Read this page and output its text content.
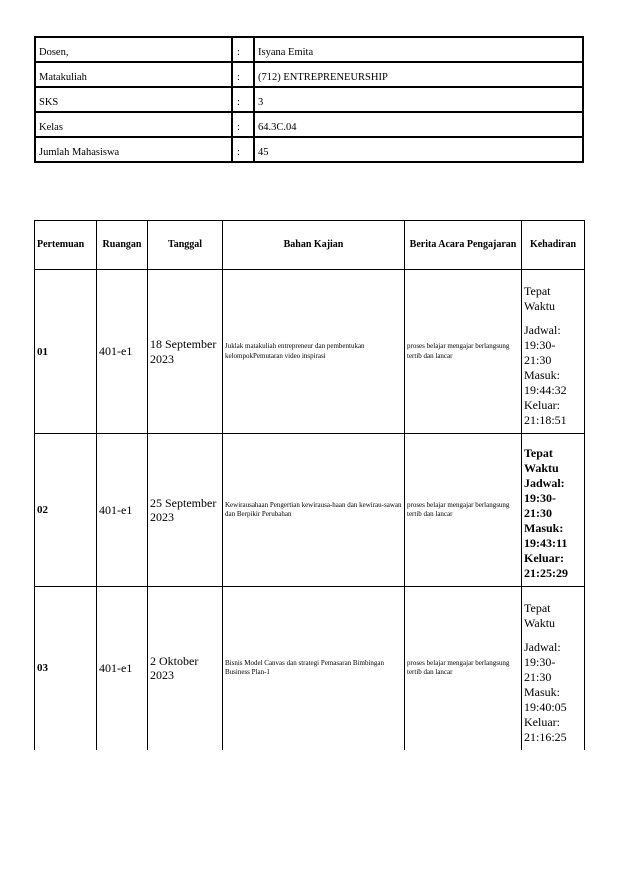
Dosen,	:	Isyana Emita
Matakuliah	:	(712) ENTREPRENEURSHIP
SKS	:	3
Kelas	:	64.3C.04
Jumlah Mahasiswa	:	45
Pertemuan	Ruangan	Tanggal	Bahan Kajian	Berita Acara Pengajaran	Kehadiran
01	401-e1	18 September 2023	Juklak matakuliah entrepreneur dan pembentukan kelompokPemutaran video inspirasi	proses belajar mengajar berlangsung tertib dan lancar	Tepat Waktu
Jadwal: 19:30-21:30
Masuk: 19:44:32
Keluar: 21:18:51

02	401-e1	25 September 2023	Kewirausahaan Pengertian kewirausa-haan dan kewirau-sawan dan Berpikir Perubahan	proses belajar mengajar berlangsung tertib dan lancar	Tepat Waktu
Jadwal: 19:30-21:30
Masuk: 19:43:11
Keluar: 21:25:29

03	401-e1	2 Oktober 2023	Bisnis Model Canvas dan strategi Pemasaran Bimbingan Business Plan-1	proses belajar mengajar berlangsung tertib dan lancar	Tepat Waktu
Jadwal: 19:30-21:30
Masuk: 19:40:05
Keluar: 21:16:25
